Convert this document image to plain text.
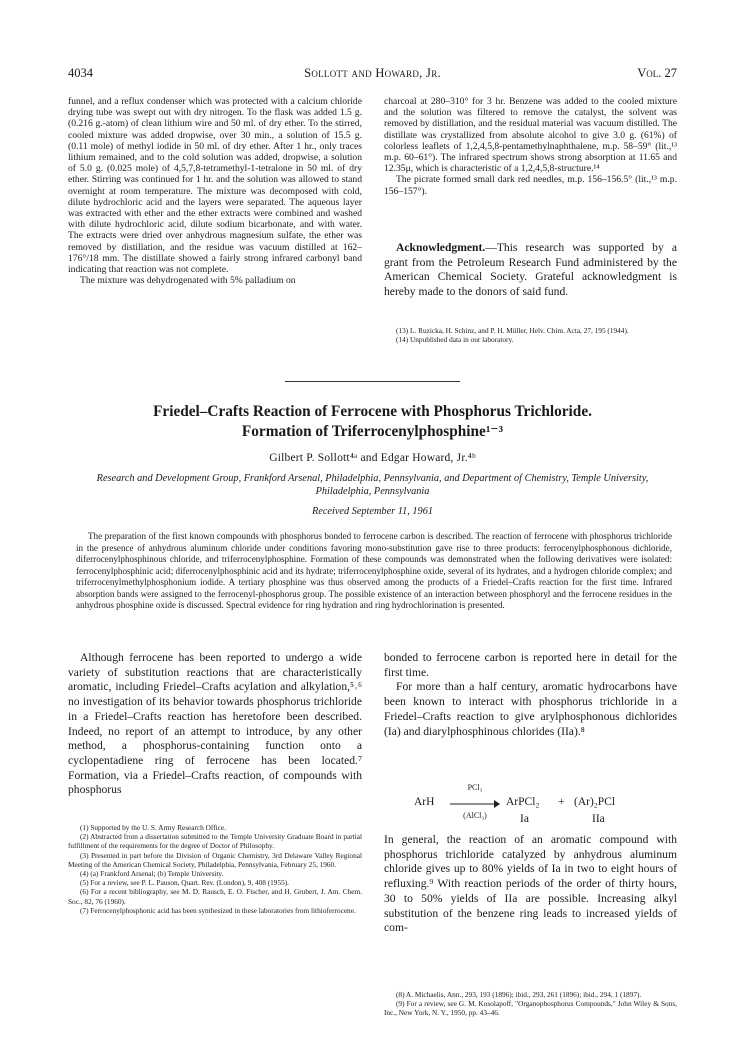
4034	Sollott and Howard, Jr.	Vol. 27

funnel, and a reflux condenser which was protected with a calcium chloride drying tube was swept out with dry nitrogen. To the flask was added 1.5 g. (0.216 g.-atom) of clean lithium wire and 50 ml. of dry ether. To the stirred, cooled mixture was added dropwise, over 30 min., a solution of 15.5 g. (0.11 mole) of methyl iodide in 50 ml. of dry ether. After 1 hr., only traces lithium remained, and to the cold solution was added, dropwise, a solution of 5.0 g. (0.025 mole) of 4,5,7,8-tetramethyl-1-tetralone in 50 ml. of dry ether. Stirring was continued for 1 hr. and the solution was allowed to stand overnight at room temperature. The mixture was decomposed with cold, dilute hydrochloric acid and the layers were separated. The aqueous layer was extracted with ether and the ether extracts were combined and washed with dilute hydrochloric acid, dilute sodium bicarbonate, and with water. The extracts were dried over anhydrous magnesium sulfate, the ether was removed by distillation, and the residue was vacuum distilled at 162–176°/18 mm. The distillate showed a fairly strong infrared carbonyl band indicating that reaction was not complete.

The mixture was dehydrogenated with 5% palladium on

charcoal at 280–310° for 3 hr. Benzene was added to the cooled mixture and the solution was filtered to remove the catalyst, the solvent was removed by distillation, and the residual material was vacuum distilled. The distillate was crystallized from absolute alcohol to give 3.0 g. (61%) of colorless leaflets of 1,2,4,5,8-pentamethylnaphthalene, m.p. 58–59° (lit.,¹³ m.p. 60–61°). The infrared spectrum shows strong absorption at 11.65 and 12.35μ, which is characteristic of a 1,2,4,5,8-structure.¹⁴

The picrate formed small dark red needles, m.p. 156–156.5° (lit.,¹³ m.p. 156–157°).

Acknowledgment.—This research was supported by a grant from the Petroleum Research Fund administered by the American Chemical Society. Grateful acknowledgment is hereby made to the donors of said fund.

(13) L. Ruzicka, H. Schinz, and P. H. Müller, Helv. Chim. Acta, 27, 195 (1944).

(14) Unpublished data in our laboratory.

Friedel–Crafts Reaction of Ferrocene with Phosphorus Trichloride.
Formation of Triferrocenylphosphine¹⁻³
Gilbert P. Sollott⁴ᵃ and Edgar Howard, Jr.⁴ᵇ
Research and Development Group, Frankford Arsenal, Philadelphia, Pennsylvania, and Department of Chemistry, Temple University, Philadelphia, Pennsylvania
Received September 11, 1961

The preparation of the first known compounds with phosphorus bonded to ferrocene carbon is described. The reaction of ferrocene with phosphorus trichloride in the presence of anhydrous aluminum chloride under conditions favoring mono-substitution gave rise to three products: ferrocenylphosphonous dichloride, diferrocenylphosphinous chloride, and triferrocenylphosphine. Formation of these compounds was demonstrated when the following derivatives were isolated: ferrocenylphosphinic acid; diferrocenylphosphinic acid and its hydrate; triferrocenylphosphine oxide, several of its hydrates, and a hydrogen chloride complex; and triferrocenylmethylphosphonium iodide. A tertiary phosphine was thus observed among the products of a Friedel–Crafts reaction for the first time. Infrared absorption bands were assigned to the ferrocenyl-phosphorus group. The possible existence of an interaction between phosphoryl and the ferrocene residues in the anhydrous phosphine oxide is discussed. Spectral evidence for ring hydration and ring hydrochlorination is presented.

Although ferrocene has been reported to undergo a wide variety of substitution reactions that are characteristically aromatic, including Friedel–Crafts acylation and alkylation,⁵˒⁶ no investigation of its behavior towards phosphorus trichloride in a Friedel–Crafts reaction has heretofore been described. Indeed, no report of an attempt to introduce, by any other method, a phosphorus-containing function onto a cyclopentadiene ring of ferrocene has been located.⁷ Formation, via a Friedel–Crafts reaction, of compounds with phosphorus

(1) Supported by the U. S. Army Research Office.

(2) Abstracted from a dissertation submitted to the Temple University Graduate Board in partial fulfillment of the requirements for the degree of Doctor of Philosophy.

(3) Presented in part before the Division of Organic Chemistry, 3rd Delaware Valley Regional Meeting of the American Chemical Society, Philadelphia, Pennsylvania, February 25, 1960.

(4) (a) Frankford Arsenal; (b) Temple University.

(5) For a review, see P. L. Pauson, Quart. Rev. (London), 9, 408 (1955).

(6) For a recent bibliography, see M. D. Rausch, E. O. Fischer, and H. Grubert, J. Am. Chem. Soc., 82, 76 (1960).

(7) Ferrocenylphosphonic acid has been synthesized in these laboratories from lithioferrocene.

bonded to ferrocene carbon is reported here in detail for the first time.

For more than a half century, aromatic hydrocarbons have been known to interact with phosphorus trichloride in a Friedel–Crafts reaction to give arylphosphonous dichlorides (Ia) and diarylphosphinous chlorides (IIa).⁸

ArH
PCl₃
(AlCl₃)
ArPCl₂ + (Ar)₂PCl
Ia	IIa

In general, the reaction of an aromatic compound with phosphorus trichloride catalyzed by anhydrous aluminum chloride gives up to 80% yields of Ia in two to eight hours of refluxing.⁹ With reaction periods of the order of thirty hours, 30 to 50% yields of IIa are possible. Increasing alkyl substitution of the benzene ring leads to increased yields of com-

(8) A. Michaelis, Ann., 293, 193 (1896); ibid., 293, 261 (1896); ibid., 294, 1 (1897).

(9) For a review, see G. M. Kosolapoff, "Organophosphorus Compounds," John Wiley & Sons, Inc., New York, N. Y., 1950, pp. 43–46.
